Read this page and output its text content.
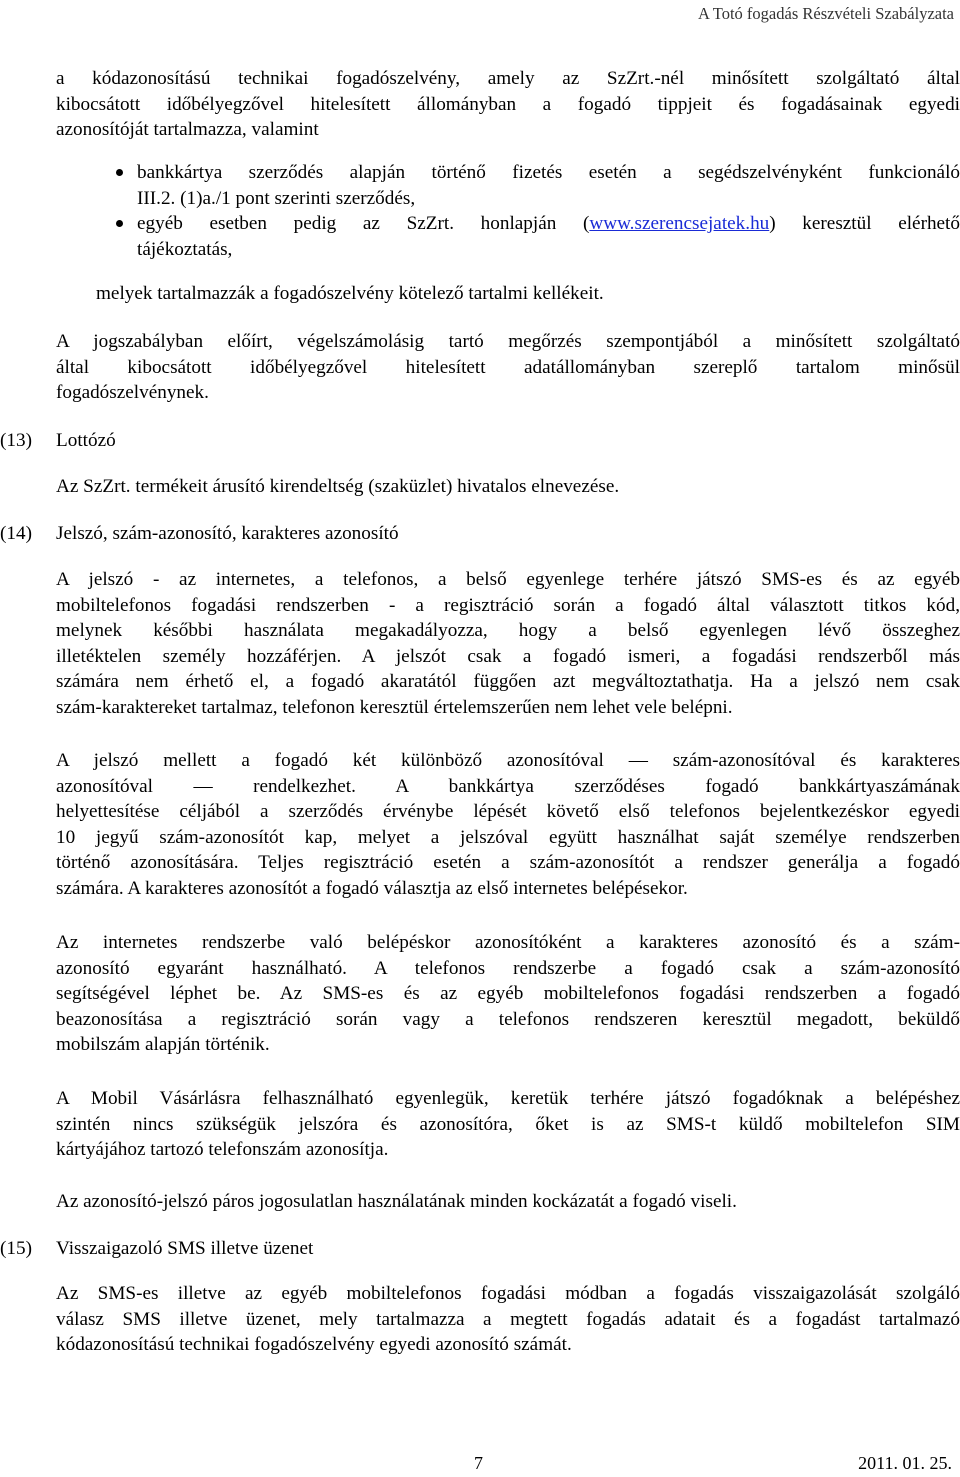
A Totó fogadás Részvételi Szabályzata
a kódazonosítású technikai fogadószelvény, amely az SzZrt.-nél minősített szolgáltató által
kibocsátott időbélyegzővel hitelesített állományban a fogadó tippjeit és fogadásainak egyedi
azonosítóját tartalmazza, valamint
bankkártya szerződés alapján történő fizetés esetén a segédszelvényként funkcionáló
III.2. (1)a./1 pont szerinti szerződés,
egyéb esetben pedig az SzZrt. honlapján (www.szerencsejatek.hu) keresztül elérhető
tájékoztatás,
melyek tartalmazzák a fogadószelvény kötelező tartalmi kellékeit.
A jogszabályban előírt, végelszámolásig tartó megőrzés szempontjából a minősített szolgáltató
által kibocsátott időbélyegzővel hitelesített adatállományban szereplő tartalom minősül
fogadószelvénynek.
(13) Lottózó
Az SzZrt. termékeit árusító kirendeltség (szaküzlet) hivatalos elnevezése.
(14) Jelszó, szám-azonosító, karakteres azonosító
A jelszó - az internetes, a telefonos, a belső egyenlege terhére játszó SMS-es és az egyéb
mobiltelefonos fogadási rendszerben - a regisztráció során a fogadó által választott titkos kód,
melynek későbbi használata megakadályozza, hogy a belső egyenlegen lévő összeghez
illetéktelen személy hozzáférjen. A jelszót csak a fogadó ismeri, a fogadási rendszerből más
számára nem érhető el, a fogadó akaratától függően azt megváltoztathatja. Ha a jelszó nem csak
szám-karaktereket tartalmaz, telefonon keresztül értelemszerűen nem lehet vele belépni.
A jelszó mellett a fogadó két különböző azonosítóval — szám-azonosítóval és karakteres
azonosítóval — rendelkezhet. A bankkártya szerződéses fogadó bankkártyaszámának
helyettesítése céljából a szerződés érvénybe lépését követő első telefonos bejelentkezéskor egyedi
10 jegyű szám-azonosítót kap, melyet a jelszóval együtt használhat saját személye rendszerben
történő azonosítására. Teljes regisztráció esetén a szám-azonosítót a rendszer generálja a fogadó
számára. A karakteres azonosítót a fogadó választja az első internetes belépésekor.
Az internetes rendszerbe való belépéskor azonosítóként a karakteres azonosító és a szám-
azonosító egyaránt használható. A telefonos rendszerbe a fogadó csak a szám-azonosító
segítségével léphet be. Az SMS-es és az egyéb mobiltelefonos fogadási rendszerben a fogadó
beazonosítása a regisztráció során vagy a telefonos rendszeren keresztül megadott, beküldő
mobilszám alapján történik.
A Mobil Vásárlásra felhasználható egyenlegük, keretük terhére játszó fogadóknak a belépéshez
szintén nincs szükségük jelszóra és azonosítóra, őket is az SMS-t küldő mobiltelefon SIM
kártyájához tartozó telefonszám azonosítja.
Az azonosító-jelszó páros jogosulatlan használatának minden kockázatát a fogadó viseli.
(15) Visszaigazoló SMS illetve üzenet
Az SMS-es illetve az egyéb mobiltelefonos fogadási módban a fogadás visszaigazolását szolgáló
válasz SMS illetve üzenet, mely tartalmazza a megtett fogadás adatait és a fogadást tartalmazó
kódazonosítású technikai fogadószelvény egyedi azonosító számát.
7	2011. 01. 25.
